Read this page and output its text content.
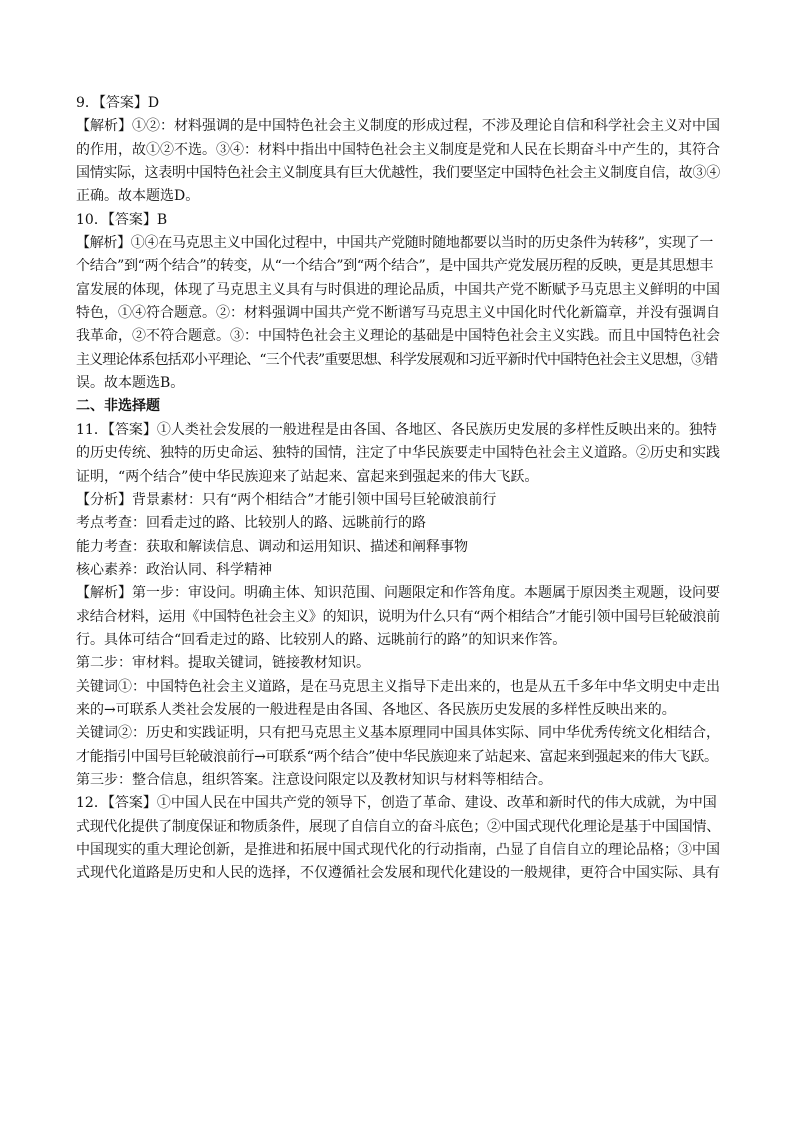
9．【答案】D
【解析】①②：材料强调的是中国特色社会主义制度的形成过程，不涉及理论自信和科学社会主义对中国
的作用，故①②不选。③④：材料中指出中国特色社会主义制度是党和人民在长期奋斗中产生的，其符合
国情实际，这表明中国特色社会主义制度具有巨大优越性，我们要坚定中国特色社会主义制度自信，故③④
正确。故本题选D。
10．【答案】B
【解析】①④在马克思主义中国化过程中，中国共产党随时随地都要以当时的历史条件为转移”，实现了一
个结合”到“两个结合”的转变，从“一个结合”到“两个结合”，是中国共产党发展历程的反映，更是其思想丰
富发展的体现，体现了马克思主义具有与时俱进的理论品质，中国共产党不断赋予马克思主义鲜明的中国
特色，①④符合题意。②：材料强调中国共产党不断谱写马克思主义中国化时代化新篇章，并没有强调自
我革命，②不符合题意。③：中国特色社会主义理论的基础是中国特色社会主义实践。而且中国特色社会
主义理论体系包括邓小平理论、“三个代表”重要思想、科学发展观和习近平新时代中国特色社会主义思想，③错
误。故本题选B。
二、非选择题
11．【答案】①人类社会发展的一般进程是由各国、各地区、各民族历史发展的多样性反映出来的。独特
的历史传统、独特的历史命运、独特的国情，注定了中华民族要走中国特色社会主义道路。②历史和实践
证明，“两个结合”使中华民族迎来了站起来、富起来到强起来的伟大飞跃。
【分析】背景素材：只有“两个相结合”才能引领中国号巨轮破浪前行
考点考查：回看走过的路、比较别人的路、远眺前行的路
能力考查：获取和解读信息、调动和运用知识、描述和阐释事物
核心素养：政治认同、科学精神
【解析】第一步：审设问。明确主体、知识范围、问题限定和作答角度。本题属于原因类主观题，设问要
求结合材料，运用《中国特色社会主义》的知识，说明为什么只有“两个相结合”才能引领中国号巨轮破浪前
行。具体可结合“回看走过的路、比较别人的路、远眺前行的路”的知识来作答。
第二步：审材料。提取关键词，链接教材知识。
关键词①：中国特色社会主义道路，是在马克思主义指导下走出来的，也是从五千多年中华文明史中走出
来的→可联系人类社会发展的一般进程是由各国、各地区、各民族历史发展的多样性反映出来的。
关键词②：历史和实践证明，只有把马克思主义基本原理同中国具体实际、同中华优秀传统文化相结合，
才能指引中国号巨轮破浪前行→可联系“两个结合”使中华民族迎来了站起来、富起来到强起来的伟大飞跃。
第三步：整合信息，组织答案。注意设问限定以及教材知识与材料等相结合。
12．【答案】①中国人民在中国共产党的领导下，创造了革命、建设、改革和新时代的伟大成就，为中国
式现代化提供了制度保证和物质条件，展现了自信自立的奋斗底色；②中国式现代化理论是基于中国国情、
中国现实的重大理论创新，是推进和拓展中国式现代化的行动指南，凸显了自信自立的理论品格；③中国
式现代化道路是历史和人民的选择，不仅遵循社会发展和现代化建设的一般规律，更符合中国实际、具有
